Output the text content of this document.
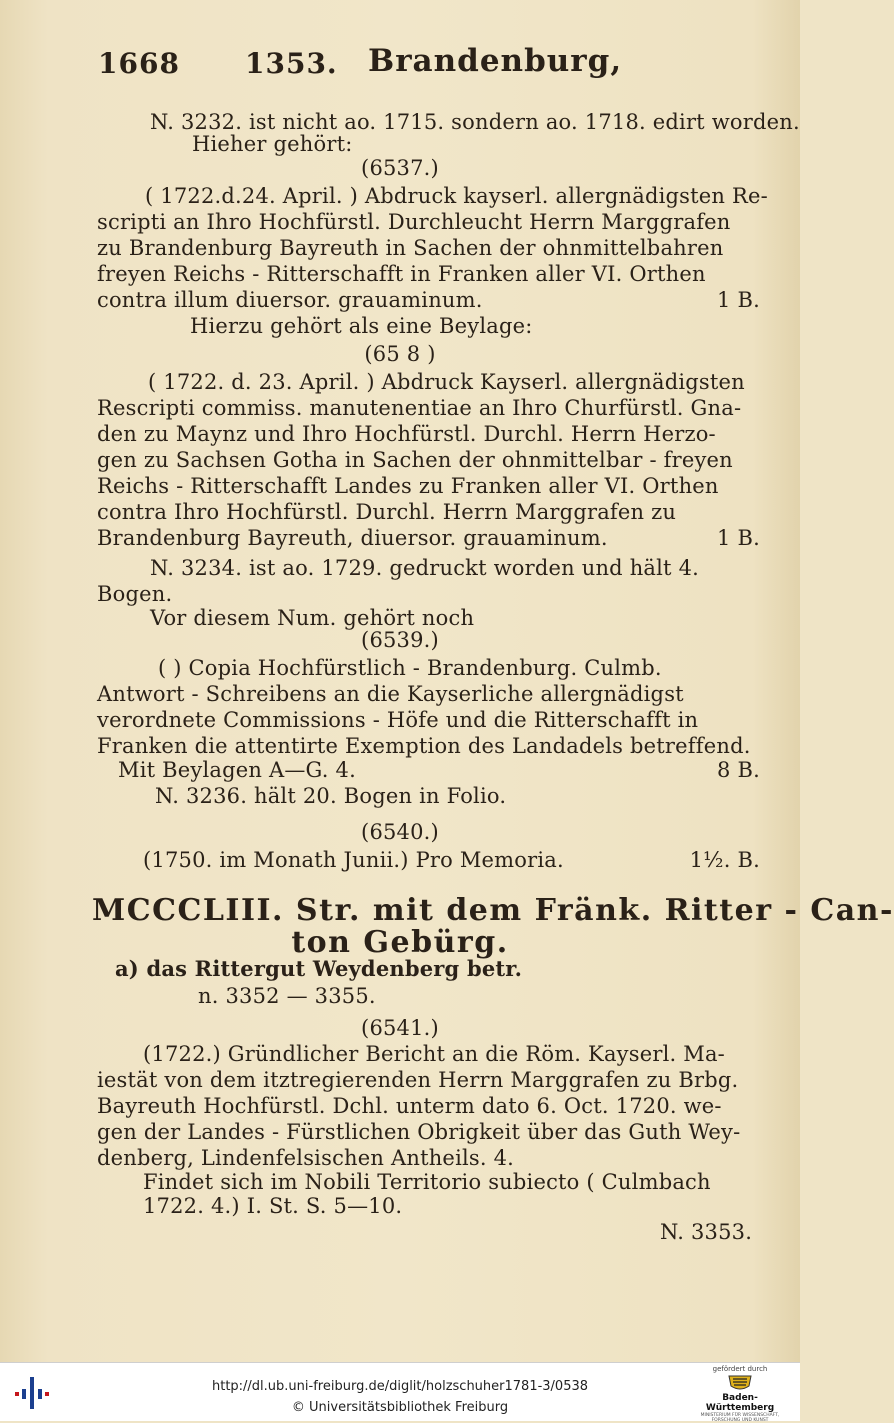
1668 1353. Brandenburg,
N. 3232. ist nicht ao. 1715. sondern ao. 1718. edirt worden.
Hieher gehört:
(6537.)
( 1722.d.24. April. ) Abdruck kayserl. allergnädigsten Re-
scripti an Ihro Hochfürstl. Durchleucht Herrn Marggrafen
zu Brandenburg Bayreuth in Sachen der ohnmittelbahren
freyen Reichs - Ritterschafft in Franken aller VI. Orthen
contra illum diuersor. grauaminum.	1 B.
Hierzu gehört als eine Beylage:
(65 8 )
( 1722. d. 23. April. ) Abdruck Kayserl. allergnädigsten
Rescripti commiss. manutenentiae an Ihro Churfürstl. Gna-
den zu Maynz und Ihro Hochfürstl. Durchl. Herrn Herzo-
gen zu Sachsen Gotha in Sachen der ohnmittelbar - freyen
Reichs - Ritterschafft Landes zu Franken aller VI. Orthen
contra Ihro Hochfürstl. Durchl. Herrn Marggrafen zu
Brandenburg Bayreuth, diuersor. grauaminum.	1 B.
N. 3234. ist ao. 1729. gedruckt worden und hält 4.
Bogen.
Vor diesem Num. gehört noch
(6539.)
( ) Copia Hochfürstlich - Brandenburg. Culmb.
Antwort - Schreibens an die Kayserliche allergnädigst
verordnete Commissions - Höfe und die Ritterschafft in
Franken die attentirte Exemption des Landadels betreffend.
Mit Beylagen A—G. 4.	8 B.
N. 3236. hält 20. Bogen in Folio.
(6540.)
(1750. im Monath Junii.) Pro Memoria.	1½. B.
MCCCLIII. Str. mit dem Fränk. Ritter - Can-
ton Gebürg.
a) das Rittergut Weydenberg betr.
n. 3352 — 3355.
(6541.)
(1722.) Gründlicher Bericht an die Röm. Kayserl. Ma-
iestät von dem itztregierenden Herrn Marggrafen zu Brbg.
Bayreuth Hochfürstl. Dchl. unterm dato 6. Oct. 1720. we-
gen der Landes - Fürstlichen Obrigkeit über das Guth Wey-
denberg, Lindenfelsischen Antheils. 4.
Findet sich im Nobili Territorio subiecto ( Culmbach
1722. 4.) I. St. S. 5—10.
N. 3353.
http://dl.ub.uni-freiburg.de/diglit/holzschuher1781-3/0538
© Universitätsbibliothek Freiburg
gefördert durch
Baden-Württemberg
MINISTERIUM FÜR WISSENSCHAFT, FORSCHUNG UND KUNST
